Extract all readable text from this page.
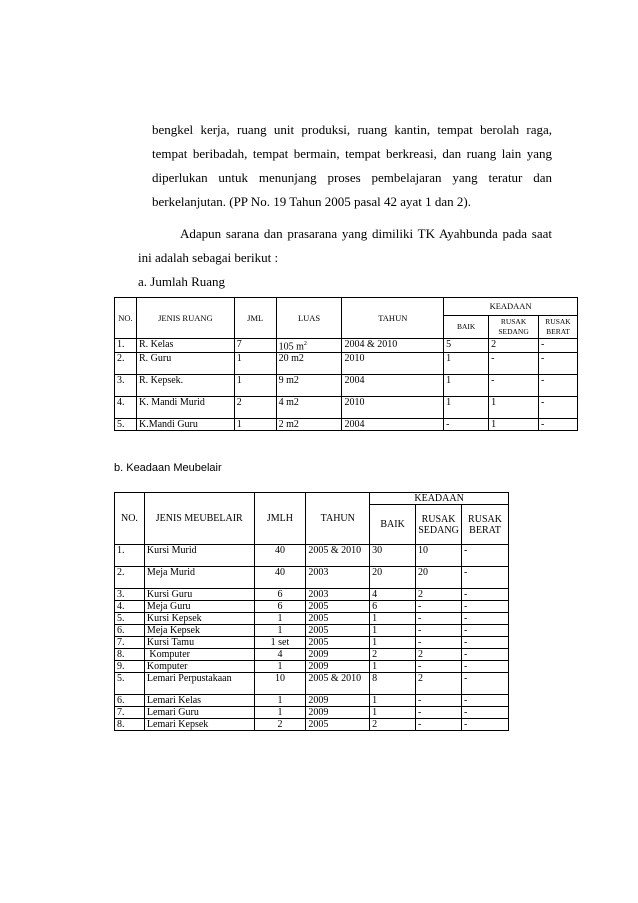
bengkel kerja, ruang unit produksi, ruang kantin, tempat berolah raga,
tempat beribadah, tempat bermain, tempat berkreasi, dan ruang lain yang
diperlukan untuk menunjang proses pembelajaran yang teratur dan
berkelanjutan. (PP No. 19 Tahun 2005 pasal 42 ayat 1 dan 2).
Adapun sarana dan prasarana yang dimiliki TK Ayahbunda pada saat
ini adalah sebagai berikut :
a. Jumlah Ruang
NO.	JENIS RUANG	JML	LUAS	TAHUN	KEADAAN		
					BAIK	RUSAK SEDANG	RUSAK BERAT
1.	R. Kelas	7	105 $m^2$	2004 & 2010	5	2	-
2.	R. Guru	1	20 m2	2010	1	-	-
3.	R. Kepsek.	1	9 m2	2004	1	-	-
4.	K. Mandi Murid	2	4 m2	2010	1	1	-
5.	K.Mandi Guru	1	2 m2	2004	-	1	-
b. Keadaan Meubelair
NO.	JENIS MEUBELAIR	JMLH	TAHUN	KEADAAN		
				BAIK	RUSAK SEDANG	RUSAK BERAT
1.	Kursi Murid	40	2005 & 2010	30	10	-
2.	Meja Murid	40	2003	20	20	-
3.	Kursi Guru	6	2003	4	2	-
4.	Meja Guru	6	2005	6	-	-
5.	Kursi Kepsek	1	2005	1	-	-
6.	Meja Kepsek	1	2005	1	-	-
7.	Kursi Tamu	1 set	2005	1	-	-
8.	Komputer	4	2009	2	2	-
9.	Komputer	1	2009	1	-	-
5.	Lemari Perpustakaan	10	2005 & 2010	8	2	-
6.	Lemari Kelas	1	2009	1	-	-
7.	Lemari Guru	1	2009	1	-	-
8.	Lemari Kepsek	2	2005	2	-	-
